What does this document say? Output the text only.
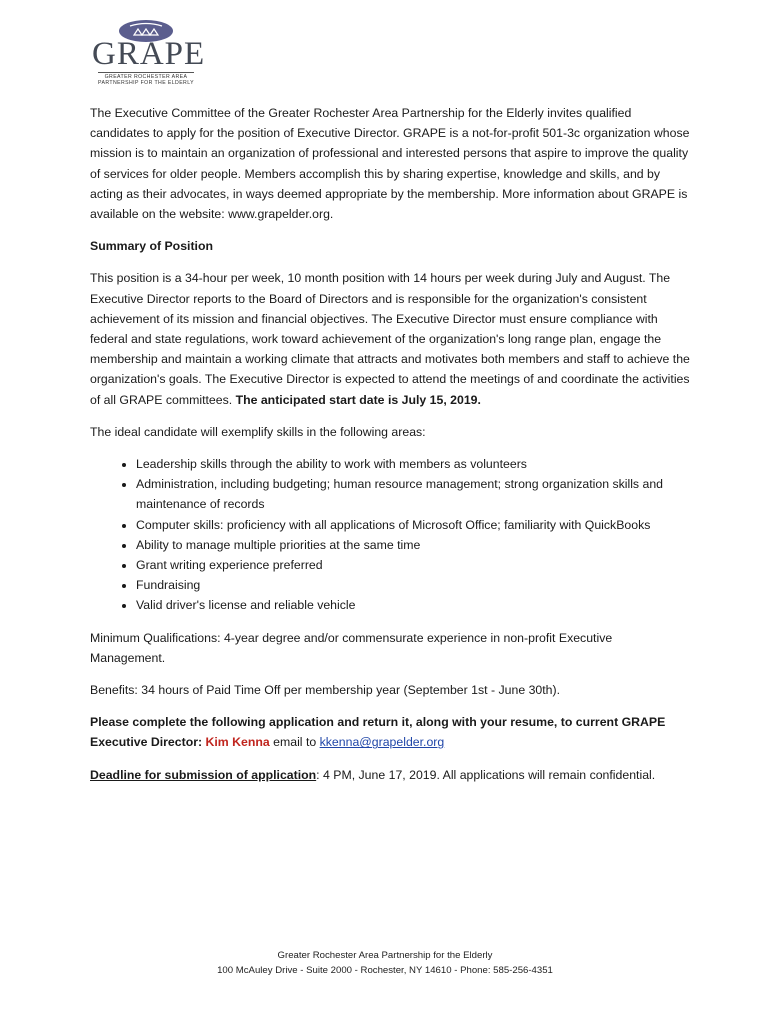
GRAPE
GREATER ROCHESTER AREA
PARTNERSHIP FOR THE ELDERLY

The Executive Committee of the Greater Rochester Area Partnership for the Elderly invites qualified candidates to apply for the position of Executive Director. GRAPE is a not-for-profit 501-3c organization whose mission is to maintain an organization of professional and interested persons that aspire to improve the quality of services for older people. Members accomplish this by sharing expertise, knowledge and skills, and by acting as their advocates, in ways deemed appropriate by the membership. More information about GRAPE is available on the website: www.grapelder.org.

Summary of Position

This position is a 34-hour per week, 10 month position with 14 hours per week during July and August. The Executive Director reports to the Board of Directors and is responsible for the organization's consistent achievement of its mission and financial objectives. The Executive Director must ensure compliance with federal and state regulations, work toward achievement of the organization's long range plan, engage the membership and maintain a working climate that attracts and motivates both members and staff to achieve the organization's goals. The Executive Director is expected to attend the meetings of and coordinate the activities of all GRAPE committees. The anticipated start date is July 15, 2019.

The ideal candidate will exemplify skills in the following areas:

• Leadership skills through the ability to work with members as volunteers
• Administration, including budgeting; human resource management; strong organization skills and maintenance of records
• Computer skills: proficiency with all applications of Microsoft Office; familiarity with QuickBooks
• Ability to manage multiple priorities at the same time
• Grant writing experience preferred
• Fundraising
• Valid driver's license and reliable vehicle

Minimum Qualifications: 4-year degree and/or commensurate experience in non-profit Executive Management.

Benefits: 34 hours of Paid Time Off per membership year (September 1st - June 30th).

Please complete the following application and return it, along with your resume, to current GRAPE Executive Director: Kim Kenna email to kkenna@grapelder.org

Deadline for submission of application: 4 PM, June 17, 2019. All applications will remain confidential.

Greater Rochester Area Partnership for the Elderly
100 McAuley Drive - Suite 2000 - Rochester, NY 14610 - Phone: 585-256-4351
